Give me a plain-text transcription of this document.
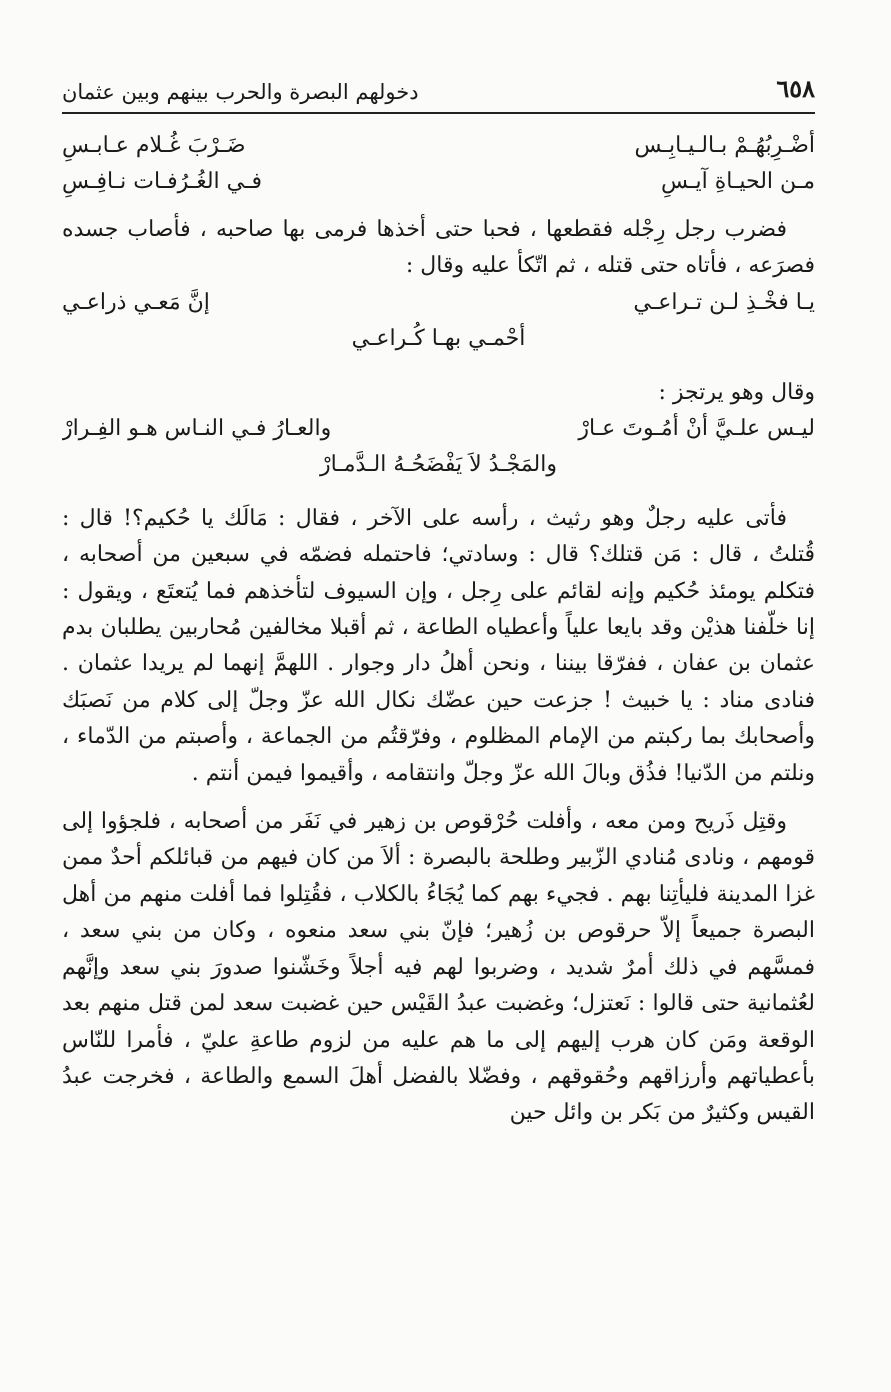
٦٥٨
دخولهم البصرة والحرب بينهم وبين عثمان
أضْـرِبُهُـمْ بـالـيـابِـس
ضَـرْبَ غُـلام عـابـسِ
مـن الحيـاةِ آيـسِ
فـي الغُـرُفـات نـافِـسِ

فضرب رجل رِجْله فقطعها ، فحبا حتى أخذها فرمى بها صاحبه ، فأصاب جسده فصرَعه ، فأتاه حتى قتله ، ثم اتّكأ عليه وقال :

يـا فخْـذِ لـن تـراعـي
إنَّ مَعـي ذراعـي
أحْمـي بهـا كُـراعـي

وقال وهو يرتجز :

ليـس علـيَّ أنْ أمُـوتَ عـارْ
والعـارُ فـي النـاس هـو الفِـرارْ
والمَجْـدُ لاَ يَفْضَحُـهُ الـدَّمـارْ

فأتى عليه رجلٌ وهو رثيث ، رأسه على الآخر ، فقال : مَالَك يا حُكيم؟! قال : قُتلتُ ، قال : مَن قتلك؟ قال : وسادتي؛ فاحتمله فضمّه في سبعين من أصحابه ، فتكلم يومئذ حُكيم وإنه لقائم على رِجل ، وإن السيوف لتأخذهم فما يُتعتَع ، ويقول : إنا خلّفنا هذيْن وقد بايعا علياً وأعطياه الطاعة ، ثم أقبلا مخالفين مُحاربين يطلبان بدم عثمان بن عفان ، ففرّقا بيننا ، ونحن أهلُ دار وجوار . اللهمَّ إنهما لم يريدا عثمان . فنادى مناد : يا خبيث ! جزعت حين عضّك نكال الله عزّ وجلّ إلى كلام من نَصبَك وأصحابك بما ركبتم من الإمام المظلوم ، وفرّقتُم من الجماعة ، وأصبتم من الدّماء ، ونلتم من الدّنيا! فذُق وبالَ الله عزّ وجلّ وانتقامه ، وأقيموا فيمن أنتم .

وقتِل ذَريح ومن معه ، وأفلت حُرْقوص بن زهير في نَفَر من أصحابه ، فلجؤوا إلى قومهم ، ونادى مُنادي الزّبير وطلحة بالبصرة : ألاَ من كان فيهم من قبائلكم أحدٌ ممن غزا المدينة فليأتِنا بهم . فجيء بهم كما يُجَاءُ بالكلاب ، فقُتِلوا فما أفلت منهم من أهل البصرة جميعاً إلاّ حرقوص بن زُهير؛ فإنّ بني سعد منعوه ، وكان من بني سعد ، فمسَّهم في ذلك أمرٌ شديد ، وضربوا لهم فيه أجلاً وخَشّنوا صدورَ بني سعد وإنَّهم لعُثمانية حتى قالوا : نَعتزل؛ وغضبت عبدُ القَيْس حين غضبت سعد لمن قتل منهم بعد الوقعة ومَن كان هرب إليهم إلى ما هم عليه من لزوم طاعةِ عليّ ، فأمرا للنّاس بأعطياتهم وأرزاقهم وحُقوقهم ، وفضّلا بالفضل أهلَ السمع والطاعة ، فخرجت عبدُ القيس وكثيرٌ من بَكر بن وائل حين
